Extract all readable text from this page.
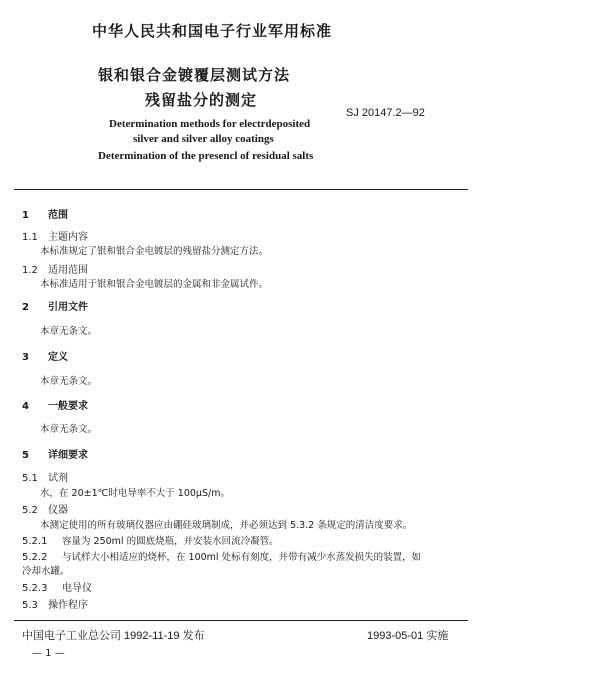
中华人民共和国电子行业军用标准
银和银合金镀覆层测试方法
残留盐分的测定
SJ 20147.2—92
Determination methods for electrdeposited
silver and silver alloy coatings
Determination of the presencl of residual salts
1 范围
1.1 主题内容
本标准规定了银和银合金电镀层的残留盐分测定方法。
1.2 适用范围
本标准适用于银和银合金电镀层的金属和非金属试件。
2 引用文件
本章无条文。
3 定义
本章无条文。
4 一般要求
本章无条文。
5 详细要求
5.1 试剂
水，在 20±1℃时电导率不大于 100μS/m。
5.2 仪器
本测定使用的所有玻璃仪器应由硼硅玻璃制成，并必须达到 5.3.2 条规定的清洁度要求。
5.2.1 容量为 250ml 的圆底烧瓶，并安装水回流冷凝管。
5.2.2 与试样大小相适应的烧杯，在 100ml 处标有刻度，并带有减少水蒸发损失的装置，如
冷却水罐。
5.2.3 电导仪
5.3 操作程序
中国电子工业总公司 1992-11-19 发布	1993-05-01 实施
— 1 —
